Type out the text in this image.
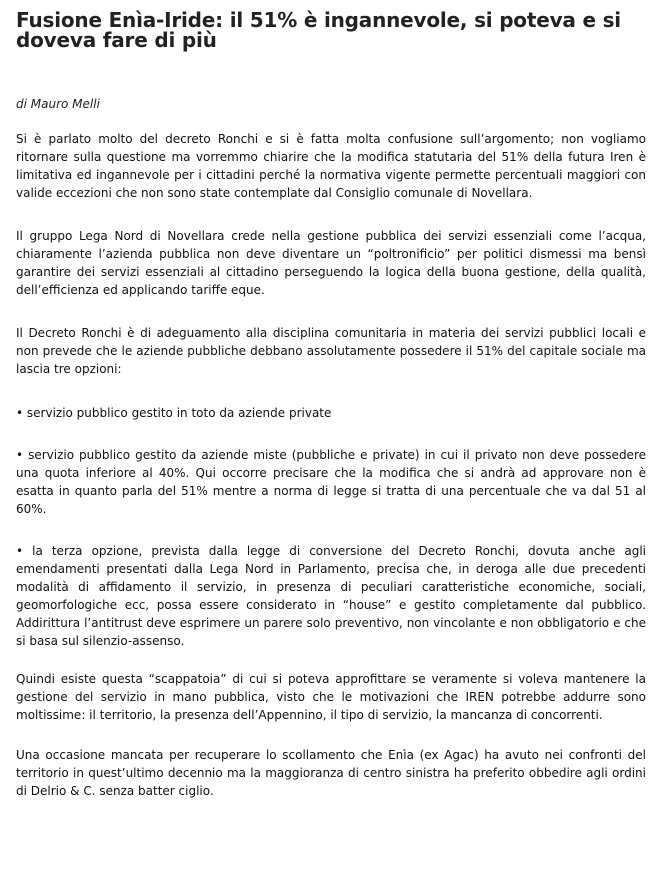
Fusione Enìa-Iride: il 51% è ingannevole, si poteva e si doveva fare di più
di Mauro Melli

Si è parlato molto del decreto Ronchi e si è fatta molta confusione sull’argomento; non vogliamo ritornare sulla questione ma vorremmo chiarire che la modifica statutaria del 51% della futura Iren è limitativa ed ingannevole per i cittadini perché la normativa vigente permette percentuali maggiori con valide eccezioni che non sono state contemplate dal Consiglio comunale di Novellara.

Il gruppo Lega Nord di Novellara crede nella gestione pubblica dei servizi essenziali come l’acqua, chiaramente l’azienda pubblica non deve diventare un “poltronificio” per politici dismessi ma bensì garantire dei servizi essenziali al cittadino perseguendo la logica della buona gestione, della qualità, dell’efficienza ed applicando tariffe eque.

Il Decreto Ronchi è di adeguamento alla disciplina comunitaria in materia dei servizi pubblici locali e non prevede che le aziende pubbliche debbano assolutamente possedere il 51% del capitale sociale ma lascia tre opzioni:

• servizio pubblico gestito in toto da aziende private

• servizio pubblico gestito da aziende miste (pubbliche e private) in cui il privato non deve possedere una quota inferiore al 40%. Qui occorre precisare che la modifica che si andrà ad approvare non è esatta in quanto parla del 51% mentre a norma di legge si tratta di una percentuale che va dal 51 al 60%.

• la terza opzione, prevista dalla legge di conversione del Decreto Ronchi, dovuta anche agli emendamenti presentati dalla Lega Nord in Parlamento, precisa che, in deroga alle due precedenti modalità di affidamento il servizio, in presenza di peculiari caratteristiche economiche, sociali, geomorfologiche ecc, possa essere considerato in “house” e gestito completamente dal pubblico. Addirittura l’antitrust deve esprimere un parere solo preventivo, non vincolante e non obbligatorio e che si basa sul silenzio-assenso.

Quindi esiste questa “scappatoia” di cui si poteva approfittare se veramente si voleva mantenere la gestione del servizio in mano pubblica, visto che le motivazioni che IREN potrebbe addurre sono moltissime: il territorio, la presenza dell’Appennino, il tipo di servizio, la mancanza di concorrenti.

Una occasione mancata per recuperare lo scollamento che Enìa (ex Agac) ha avuto nei confronti del territorio in quest’ultimo decennio ma la maggioranza di centro sinistra ha preferito obbedire agli ordini di Delrio & C. senza batter ciglio.
